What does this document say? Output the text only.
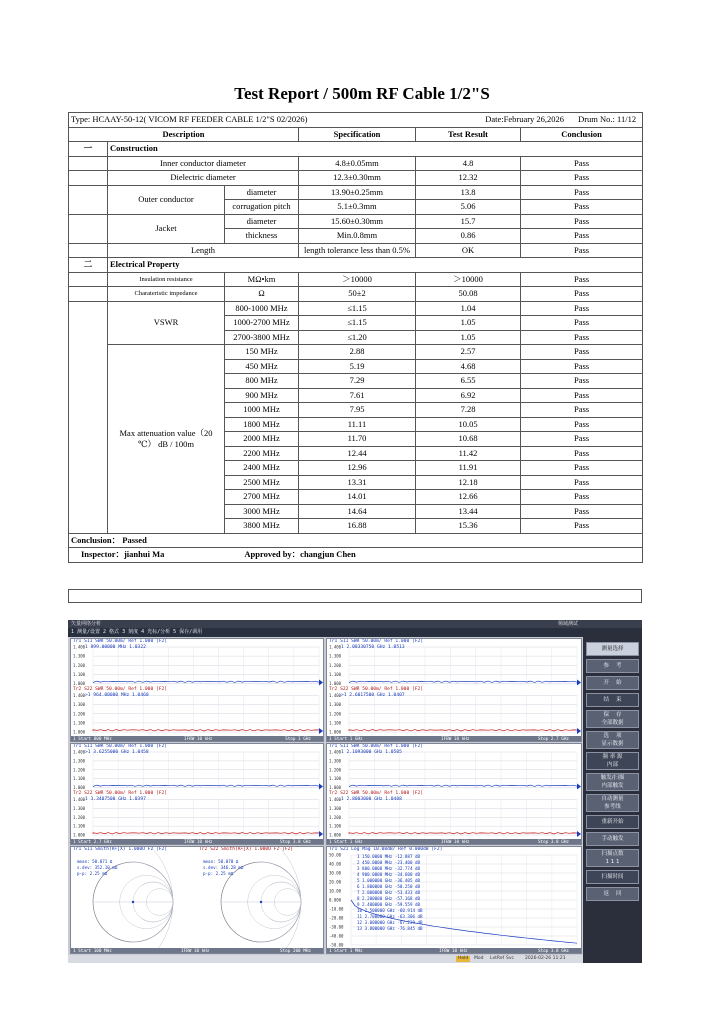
Test Report / 500m RF Cable 1/2"S
Type: HCAAY-50-12( VICOM RF FEEDER CABLE 1/2"S 02/2026) Drum No.: 11/12
Date:February 26,2026					

Description			Specification	Test Result	Conclusion
一	Construction				
	Inner conductor diameter		4.8±0.05mm	4.8	Pass
	Dielectric diameter		12.3±0.30mm	12.32	Pass
	Outer conductor	diameter	13.90±0.25mm	13.8	Pass
		corrugation pitch	5.1±0.3mm	5.06	Pass
	Jacket	diameter	15.60±0.30mm	15.7	Pass
		thickness	Min.0.8mm	0.86	Pass
	Length		length tolerance less than 0.5%	OK	Pass
二	Electrical Property				
	Insulation resistance	MΩ•km	＞10000	＞10000	Pass
	Charateristic impedance	Ω	50±2	50.08	Pass
	VSWR	800-1000 MHz	≤1.15	1.04	Pass
		1000-2700 MHz	≤1.15	1.05	Pass
		2700-3800 MHz	≤1.20	1.05	Pass
	Max attenuation value（20 ℃） dB / 100m	150 MHz	2.88	2.57	Pass
		450 MHz	5.19	4.68	Pass
		800 MHz	7.29	6.55	Pass
		900 MHz	7.61	6.92	Pass
		1000 MHz	7.95	7.28	Pass
		1800 MHz	11.11	10.05	Pass
		2000 MHz	11.70	10.68	Pass
		2200 MHz	12.44	11.42	Pass
		2400 MHz	12.96	11.91	Pass
		2500 MHz	13.31	12.18	Pass
		2700 MHz	14.01	12.66	Pass
		3000 MHz	14.64	13.44	Pass
		3800 MHz	16.88	15.36	Pass
Conclusion： Passed					
Inspector：jianhui Ma Approved by：changjun Chen					
矢量网络分析	频域测试
1 测量/设置 2 格式 3 刻度 4 光标/分析 5 保存/调用
测量选择
参    考
开    始
结    束
保    存
全部数据
选    项
显示数据
频 率 源
内部
触发/扫描
内部触发
自动测量
参考线
重新开始
手动触发
扫描点数
1 1 1
扫描时间
返    回
1.400
1.300
1.200
1.100
1.000
1.400
1.300
1.200
1.100
1.000
Tr1 S11 SWR 50.00m/ Ref 1.000 [F2]
1 899.00000 MHz 1.0322
Tr2 S22 SWR 50.00m/ Ref 1.000 [F2]
>1 964.00000 MHz 1.0460
1 Start 800 MHz	IFBW 10 kHz	Stop 1 GHz
1.400
1.300
1.200
1.100
1.000
1.400
1.300
1.200
1.100
1.000
Tr1 S11 SWR 50.00m/ Ref 1.000 [F2]
1 2.08330750 GHz 1.0513
Tr2 S22 SWR 50.00m/ Ref 1.000 [F2]
>1 2.6017500 GHz 1.0407
1 Start 1 GHz	IFBW 10 kHz	Stop 2.7 GHz
1.400
1.300
1.200
1.100
1.000
1.400
1.300
1.200
1.100
1.000
Tr1 S11 SWR 50.00m/ Ref 1.000 [F2]
>1 3.6255000 GHz 1.0458
Tr2 S22 SWR 50.00m/ Ref 1.000 [F2]
1 3.3407500 GHz 1.0397
1 Start 2.7 GHz	IFBW 10 kHz	Stop 3.8 GHz
1.400
1.300
1.200
1.100
1.000
1.400
1.300
1.200
1.100
1.000
Tr1 S11 SWR 50.00m/ Ref 1.000 [F2]
1 2.1093000 GHz 1.0505
Tr2 S22 SWR 50.00m/ Ref 1.000 [F2]
1 2.8003000 GHz 1.0408
1 Start 1 GHz	IFBW 10 kHz	Stop 3.8 GHz
Tr1 S11 Smith(R+jX) 1.000U F2 [F2]	Tr2 S22 Smith(R+jX) 1.000U F2 [F2]
mean: 50.071 Ω
s.dev: 352.10 mΩ
p-p: 2.25 mΩ
mean: 50.070 Ω
s.dev: 346.28 mΩ
p-p: 2.25 mΩ
1 Start 100 MHz	IFBW 10 kHz	Stop 200 MHz
50.00
40.00
30.00
20.00
10.00
0.000
-10.00
-20.00
-30.00
-40.00
-50.00
Tr1 S21 Log Mag 10.00dB/ Ref 0.000dB [F2]
1 150.0000 MHz -12.887 dB
2 450.0000 MHz -23.400 dB
3 800.0000 MHz -32.774 dB
4 900.0000 MHz -34.600 dB
5 1.000000 GHz -36.405 dB
6 1.800000 GHz -50.250 dB
7 2.000000 GHz -53.433 dB
8 2.200000 GHz -57.168 dB
9 2.400000 GHz -59.559 dB
10 2.500000 GHz -60.914 dB
11 2.700000 GHz -63.306 dB
12 3.000000 GHz -67.239 dB
13 3.800000 GHz -76.845 dB
1 Start 1 MHz	IFBW 10 kHz	Stop 3.8 GHz
Hold	Mod	LxtRef Svc	2026-02-26 11:21
